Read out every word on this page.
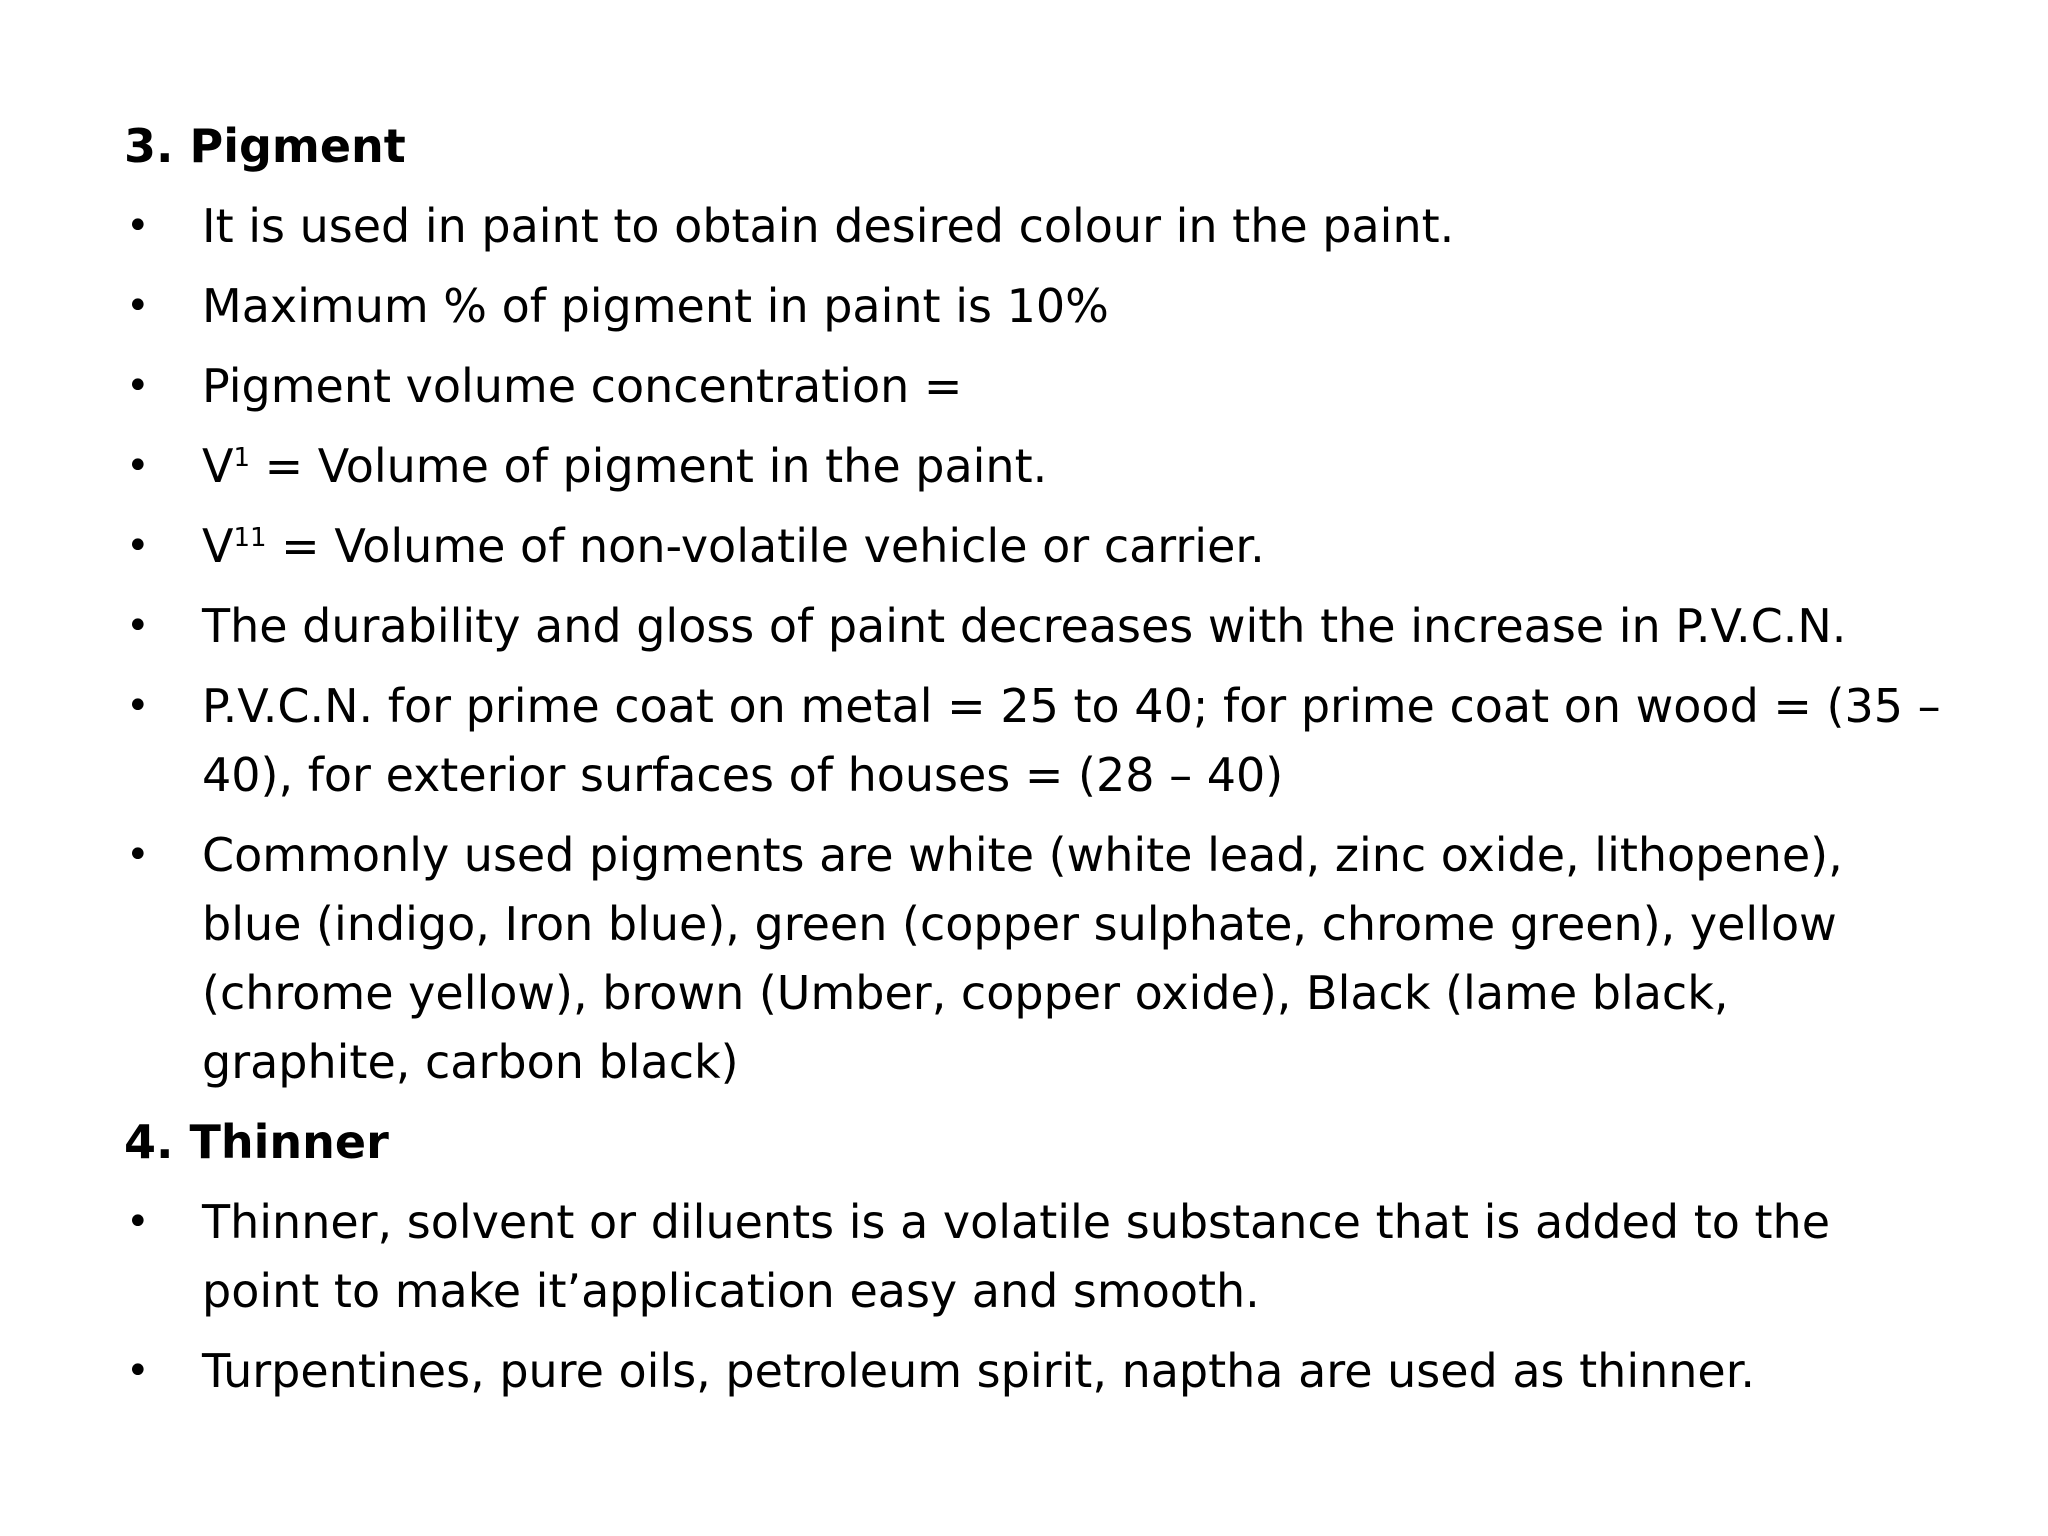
3. Pigment
• It is used in paint to obtain desired colour in the paint.
• Maximum % of pigment in paint is 10%
• Pigment volume concentration =
• $V^1$ = Volume of pigment in the paint.
• $V^{11}$ = Volume of non-volatile vehicle or carrier.
• The durability and gloss of paint decreases with the increase in P.V.C.N.
• P.V.C.N. for prime coat on metal = 25 to 40; for prime coat on wood = (35 – 40), for exterior surfaces of houses = (28 – 40)
• Commonly used pigments are white (white lead, zinc oxide, lithopene), blue (indigo, Iron blue), green (copper sulphate, chrome green), yellow (chrome yellow), brown (Umber, copper oxide), Black (lame black, graphite, carbon black)
4. Thinner
• Thinner, solvent or diluents is a volatile substance that is added to the point to make it’application easy and smooth.
• Turpentines, pure oils, petroleum spirit, naptha are used as thinner.
